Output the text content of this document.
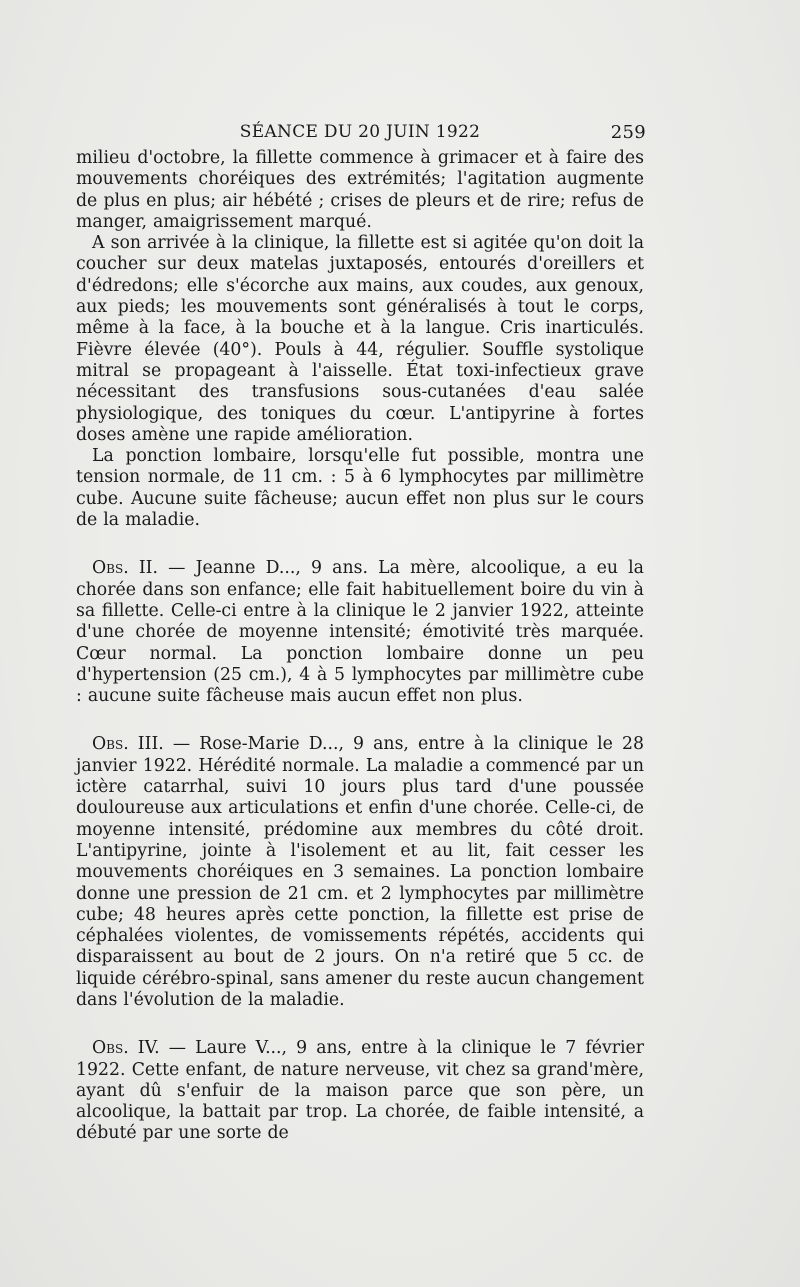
SÉANCE DU 20 JUIN 1922	259

milieu d'octobre, la fillette commence à grimacer et à faire des mouvements choréiques des extrémités; l'agitation augmente de plus en plus; air hébété ; crises de pleurs et de rire; refus de manger, amaigrissement marqué.

A son arrivée à la clinique, la fillette est si agitée qu'on doit la coucher sur deux matelas juxtaposés, entourés d'oreillers et d'édredons; elle s'écorche aux mains, aux coudes, aux genoux, aux pieds; les mouvements sont généralisés à tout le corps, même à la face, à la bouche et à la langue. Cris inarticulés. Fièvre élevée (40°). Pouls à 44, régulier. Souffle systolique mitral se propageant à l'aisselle. État toxi-infectieux grave nécessitant des transfusions sous-cutanées d'eau salée physiologique, des toniques du cœur. L'antipyrine à fortes doses amène une rapide amélioration.

La ponction lombaire, lorsqu'elle fut possible, montra une tension normale, de 11 cm. : 5 à 6 lymphocytes par millimètre cube. Aucune suite fâcheuse; aucun effet non plus sur le cours de la maladie.

Obs. II. — Jeanne D..., 9 ans. La mère, alcoolique, a eu la chorée dans son enfance; elle fait habituellement boire du vin à sa fillette. Celle-ci entre à la clinique le 2 janvier 1922, atteinte d'une chorée de moyenne intensité; émotivité très marquée. Cœur normal. La ponction lombaire donne un peu d'hypertension (25 cm.), 4 à 5 lymphocytes par millimètre cube : aucune suite fâcheuse mais aucun effet non plus.

Obs. III. — Rose-Marie D..., 9 ans, entre à la clinique le 28 janvier 1922. Hérédité normale. La maladie a commencé par un ictère catarrhal, suivi 10 jours plus tard d'une poussée douloureuse aux articulations et enfin d'une chorée. Celle-ci, de moyenne intensité, prédomine aux membres du côté droit. L'antipyrine, jointe à l'isolement et au lit, fait cesser les mouvements choréiques en 3 semaines. La ponction lombaire donne une pression de 21 cm. et 2 lymphocytes par millimètre cube; 48 heures après cette ponction, la fillette est prise de céphalées violentes, de vomissements répétés, accidents qui disparaissent au bout de 2 jours. On n'a retiré que 5 cc. de liquide cérébro-spinal, sans amener du reste aucun changement dans l'évolution de la maladie.

Obs. IV. — Laure V..., 9 ans, entre à la clinique le 7 février 1922. Cette enfant, de nature nerveuse, vit chez sa grand'mère, ayant dû s'enfuir de la maison parce que son père, un alcoolique, la battait par trop. La chorée, de faible intensité, a débuté par une sorte de
